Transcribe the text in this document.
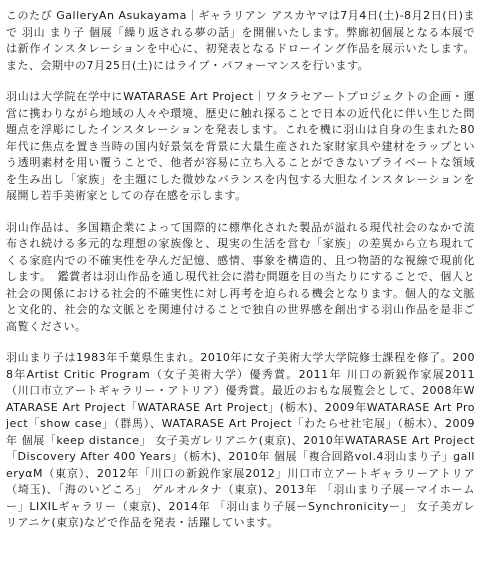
このたび GalleryAn Asukayama｜ギャラリアン アスカヤマは7月4日(土)-8月2日(日)まで 羽山 まり子 個展「繰り返される夢の話」を開催いたします。弊廊初個展となる本展では新作インスタレーションを中心に、初発表となるドローイング作品を展示いたします。また、会期中の7月25日(土)にはライブ・パフォーマンスを行います。

羽山は大学院在学中にWATARASE Art Project｜ワタラセアートプロジェクトの企画・運営に携わりながら地域の人々や環境、歴史に触れ探ることで日本の近代化に伴い生じた問題点を浮彫にしたインスタレーションを発表します。これを機に羽山は自身の生まれた80年代に焦点を置き当時の国内好景気を背景に大量生産された家財家具や建材をラップという透明素材を用い覆うことで、他者が容易に立ち入ることができないプライベートな領域を生み出し「家族」を主題にした微妙なバランスを内包する大胆なインスタレーションを展開し若手美術家としての存在感を示します。

羽山作品は、多国籍企業によって国際的に標準化された製品が溢れる現代社会のなかで流布され続ける多元的な理想の家族像と、現実の生活を営む「家族」の差異から立ち現れてくる家庭内での不確実性を孕んだ記憶、感情、事象を構造的、且つ物語的な視線で現前化します。　鑑賞者は羽山作品を通し現代社会に潜む問題を目の当たりにすることで、個人と社会の関係における社会的不確実性に対し再考を迫られる機会となります。個人的な文脈と文化的、社会的な文脈とを関連付けることで独自の世界感を創出する羽山作品を是非ご高覧ください。

羽山まり子は1983年千葉県生まれ。2010年に女子美術大学大学院修士課程を修了。2008年Artist Critic Program（女子美術大学）優秀賞。2011年 川口の新鋭作家展2011（川口市立アートギャラリー・アトリア）優秀賞。最近のおもな展覧会として、2008年WATARASE Art Project「WATARASE Art Project」(栃木)、2009年WATARASE Art Project「show case」（群馬）、WATARASE Art Project「わたらせ社宅展」（栃木）、2009年 個展「keep distance」 女子美ガレリアニケ(東京)、2010年WATARASE Art Project「Discovery After 400 Years」（栃木)、2010年 個展「複合回路vol.4羽山まり子」galleryαM（東京）、2012年「川口の新鋭作家展2012」川口市立アートギャラリーアトリア（埼玉)、「海のいどころ」 ゲルオルタナ（東京)、2013年 「羽山まり子展ーマイホームー」LIXILギャラリー（東京)、2014年 「羽山まり子展ーSynchronicityー」 女子美ガレリアニケ(東京)などで作品を発表・活躍しています。
